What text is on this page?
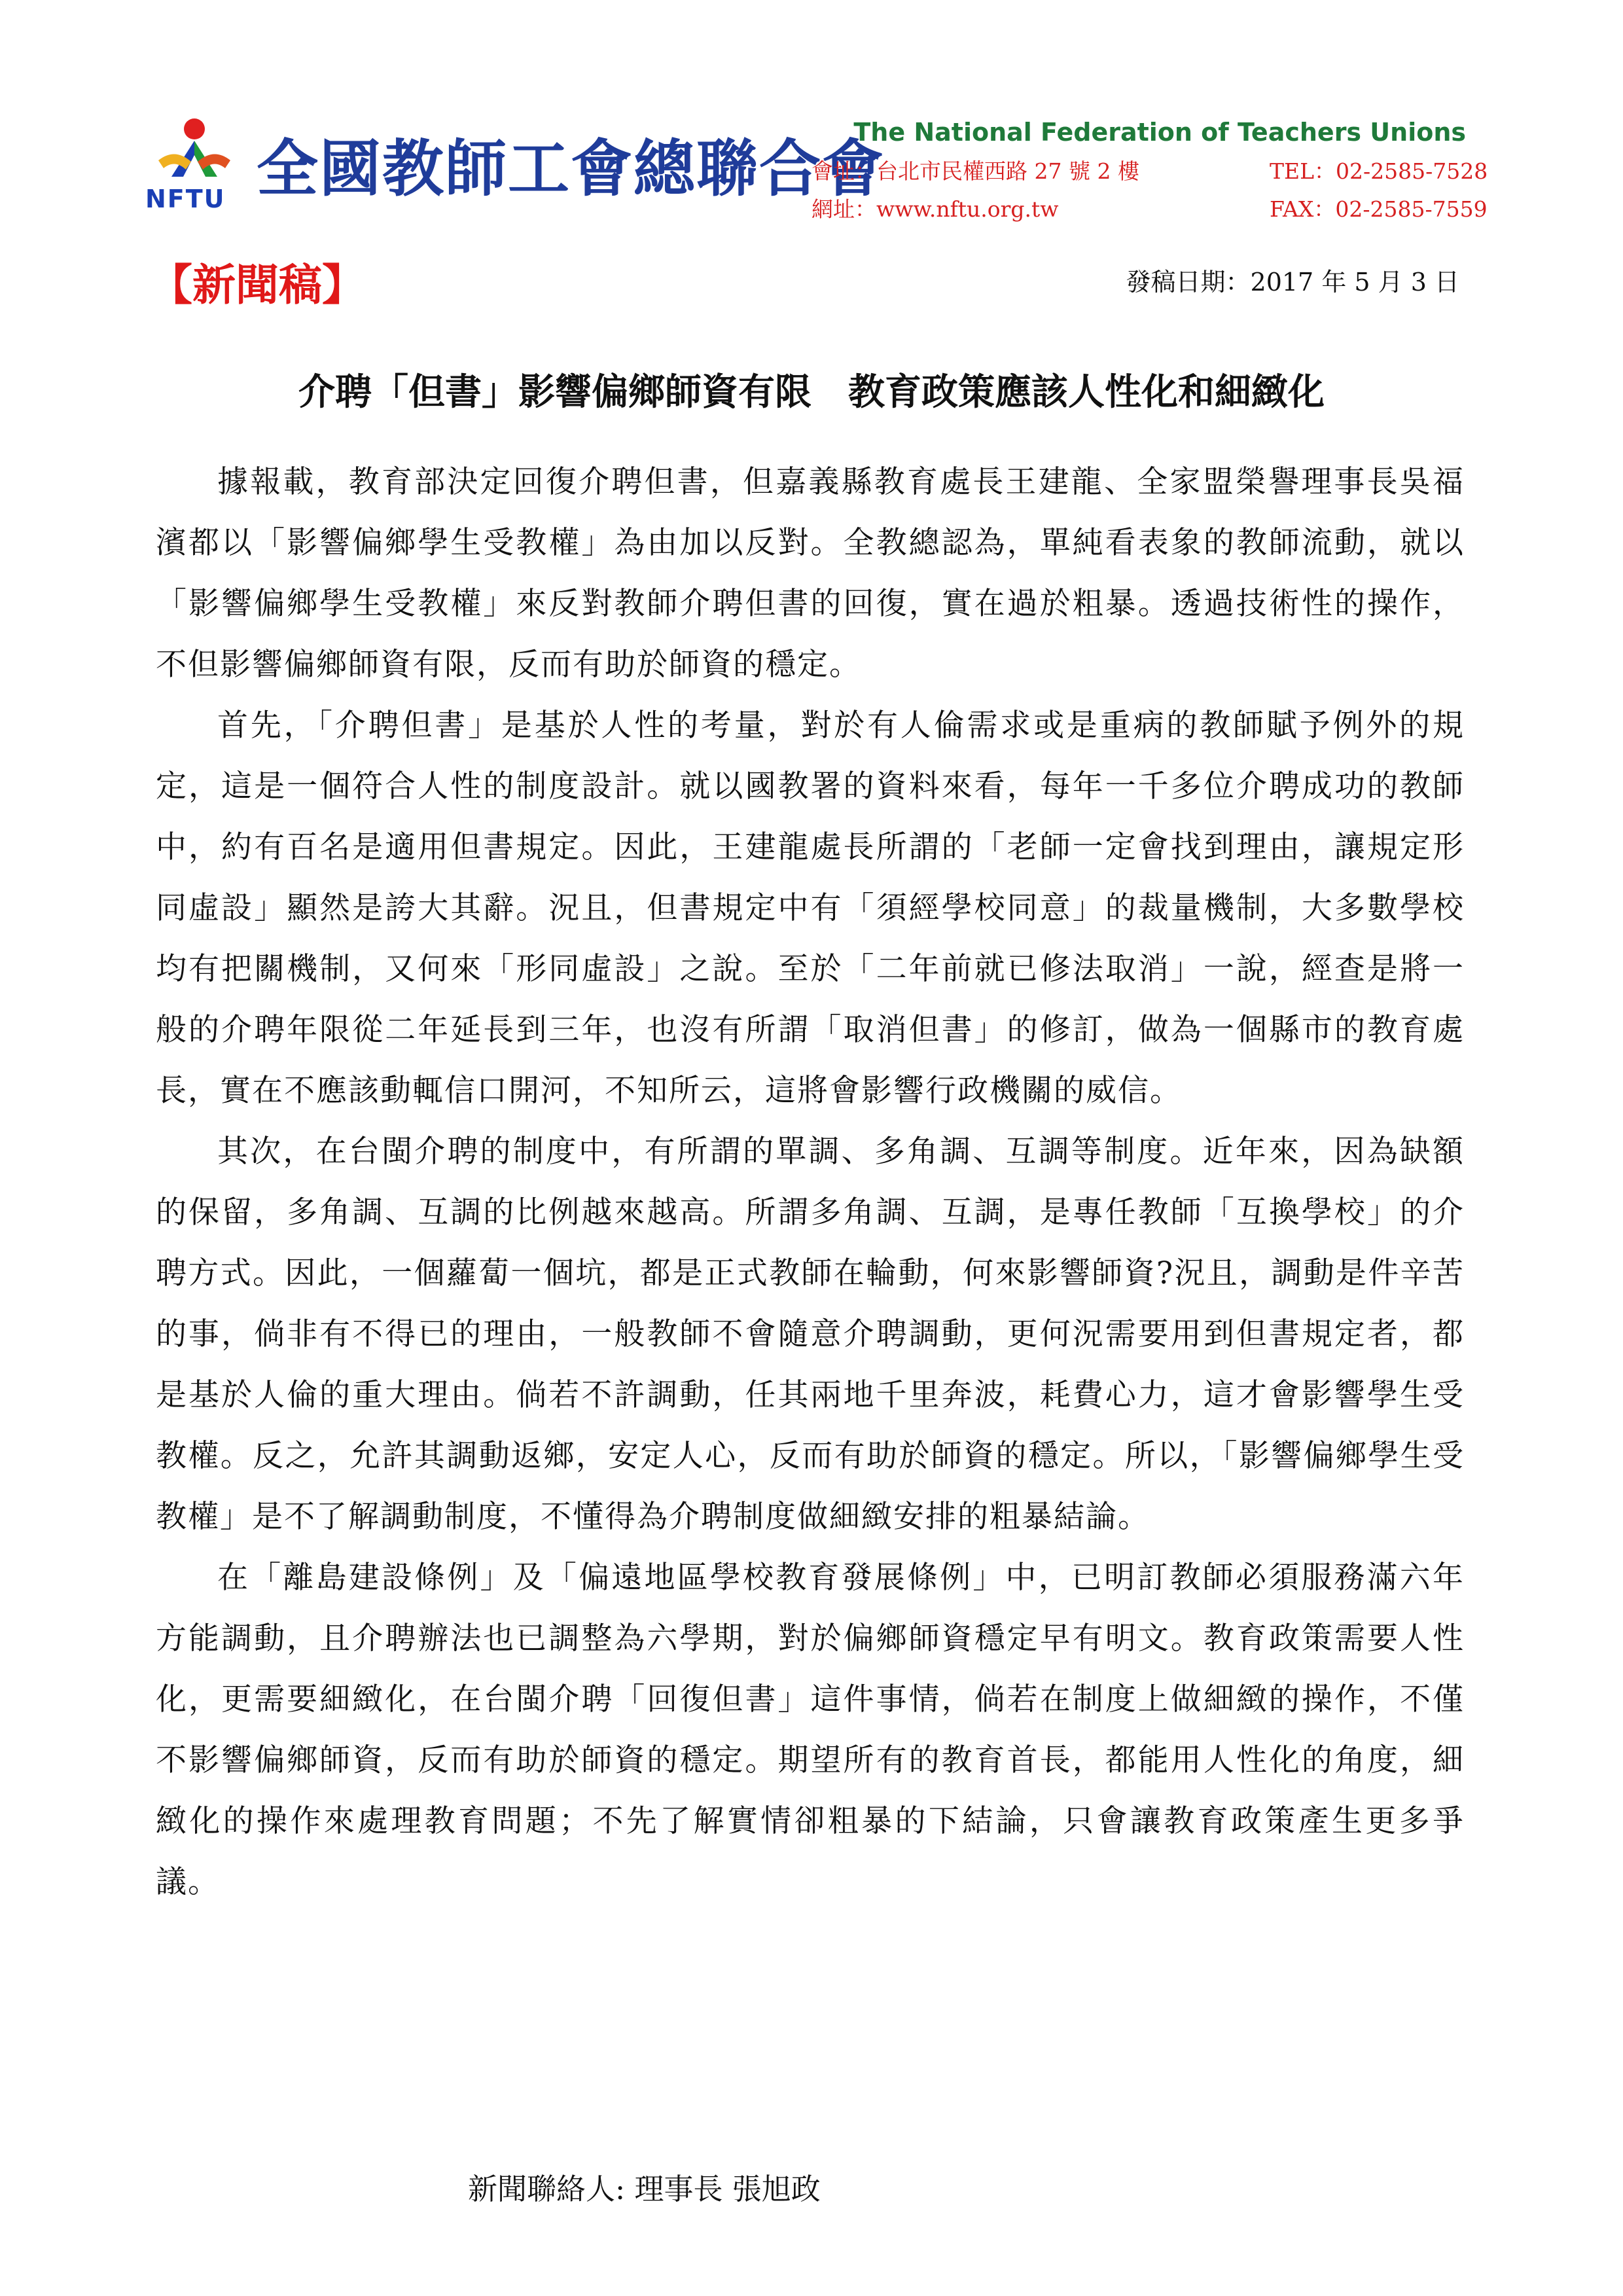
NFTU 全國教師工會總聯合會
The National Federation of Teachers Unions
會址：台北市民權西路 27 號 2 樓	TEL：02-2585-7528
網址：www.nftu.org.tw	FAX：02-2585-7559
【新聞稿】	發稿日期：2017 年 5 月 3 日
介聘「但書」影響偏鄉師資有限　教育政策應該人性化和細緻化

據報載，教育部決定回復介聘但書，但嘉義縣教育處長王建龍、全家盟榮譽理事長吳福濱都以「影響偏鄉學生受教權」為由加以反對。全教總認為，單純看表象的教師流動，就以「影響偏鄉學生受教權」來反對教師介聘但書的回復，實在過於粗暴。透過技術性的操作，不但影響偏鄉師資有限，反而有助於師資的穩定。

首先，「介聘但書」是基於人性的考量，對於有人倫需求或是重病的教師賦予例外的規定，這是一個符合人性的制度設計。就以國教署的資料來看，每年一千多位介聘成功的教師中，約有百名是適用但書規定。因此，王建龍處長所謂的「老師一定會找到理由，讓規定形同虛設」顯然是誇大其辭。況且，但書規定中有「須經學校同意」的裁量機制，大多數學校均有把關機制，又何來「形同虛設」之說。至於「二年前就已修法取消」一說，經查是將一般的介聘年限從二年延長到三年，也沒有所謂「取消但書」的修訂，做為一個縣市的教育處長，實在不應該動輒信口開河，不知所云，這將會影響行政機關的威信。

其次，在台閩介聘的制度中，有所謂的單調、多角調、互調等制度。近年來，因為缺額的保留，多角調、互調的比例越來越高。所謂多角調、互調，是專任教師「互換學校」的介聘方式。因此，一個蘿蔔一個坑，都是正式教師在輪動，何來影響師資?況且，調動是件辛苦的事，倘非有不得已的理由，一般教師不會隨意介聘調動，更何況需要用到但書規定者，都是基於人倫的重大理由。倘若不許調動，任其兩地千里奔波，耗費心力，這才會影響學生受教權。反之，允許其調動返鄉，安定人心，反而有助於師資的穩定。所以，「影響偏鄉學生受教權」是不了解調動制度，不懂得為介聘制度做細緻安排的粗暴結論。

在「離島建設條例」及「偏遠地區學校教育發展條例」中，已明訂教師必須服務滿六年方能調動，且介聘辦法也已調整為六學期，對於偏鄉師資穩定早有明文。教育政策需要人性化，更需要細緻化，在台閩介聘「回復但書」這件事情，倘若在制度上做細緻的操作，不僅不影響偏鄉師資，反而有助於師資的穩定。期望所有的教育首長，都能用人性化的角度，細緻化的操作來處理教育問題；不先了解實情卻粗暴的下結論，只會讓教育政策產生更多爭議。

新聞聯絡人: 理事長 張旭政
